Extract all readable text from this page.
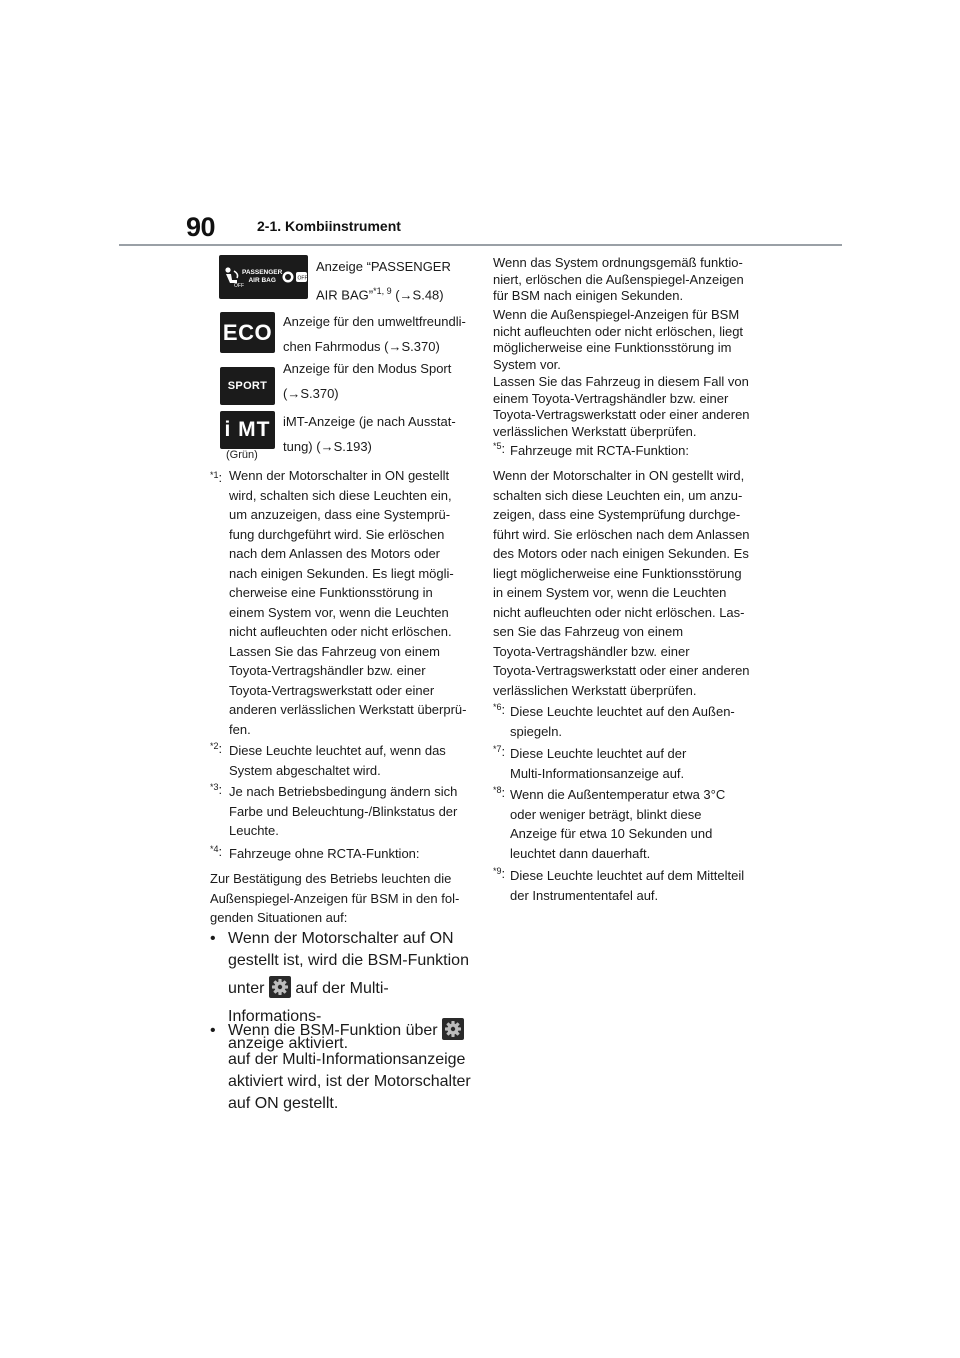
90	2-1. Kombiinstrument
OFF
PASSENGER AIR BAG	OFF
Anzeige “PASSENGER
AIR BAG”$^{*1, 9}$ (→S.48)
ECO Anzeige für den umweltfreundli-
chen Fahrmodus (→S.370)
SPORT
Anzeige für den Modus Sport
(→S.370)
i MT
(Grün)
iMT-Anzeige (je nach Ausstat-
tung) (→S.193)
$^{*1}$: Wenn der Motorschalter in ON gestellt
wird, schalten sich diese Leuchten ein,
um anzuzeigen, dass eine Systemprü-
fung durchgeführt wird. Sie erlöschen
nach dem Anlassen des Motors oder
nach einigen Sekunden. Es liegt mögli-
cherweise eine Funktionsstörung in
einem System vor, wenn die Leuchten
nicht aufleuchten oder nicht erlöschen.
Lassen Sie das Fahrzeug von einem
Toyota-Vertragshändler bzw. einer
Toyota-Vertragswerkstatt oder einer
anderen verlässlichen Werkstatt überprü-
fen.
$^{*2}$: Diese Leuchte leuchtet auf, wenn das
System abgeschaltet wird.
$^{*3}$: Je nach Betriebsbedingung ändern sich
Farbe und Beleuchtung-/Blinkstatus der
Leuchte.
$^{*4}$: Fahrzeuge ohne RCTA-Funktion:
Zur Bestätigung des Betriebs leuchten die
Außenspiegel-Anzeigen für BSM in den fol-
genden Situationen auf:
• Wenn der Motorschalter auf ON
gestellt ist, wird die BSM-Funktion
unter auf der Multi-Informations-
anzeige aktiviert.
• Wenn die BSM-Funktion über
auf der Multi-Informationsanzeige
aktiviert wird, ist der Motorschalter
auf ON gestellt.
Wenn das System ordnungsgemäß funktio-
niert, erlöschen die Außenspiegel-Anzeigen
für BSM nach einigen Sekunden.
Wenn die Außenspiegel-Anzeigen für BSM
nicht aufleuchten oder nicht erlöschen, liegt
möglicherweise eine Funktionsstörung im
System vor.
Lassen Sie das Fahrzeug in diesem Fall von
einem Toyota-Vertragshändler bzw. einer
Toyota-Vertragswerkstatt oder einer anderen
verlässlichen Werkstatt überprüfen.
$^{*5}$: Fahrzeuge mit RCTA-Funktion:
Wenn der Motorschalter in ON gestellt wird,
schalten sich diese Leuchten ein, um anzu-
zeigen, dass eine Systemprüfung durchge-
führt wird. Sie erlöschen nach dem Anlassen
des Motors oder nach einigen Sekunden. Es
liegt möglicherweise eine Funktionsstörung
in einem System vor, wenn die Leuchten
nicht aufleuchten oder nicht erlöschen. Las-
sen Sie das Fahrzeug von einem
Toyota-Vertragshändler bzw. einer
Toyota-Vertragswerkstatt oder einer anderen
verlässlichen Werkstatt überprüfen.
$^{*6}$: Diese Leuchte leuchtet auf den Außen-
spiegeln.
$^{*7}$: Diese Leuchte leuchtet auf der
Multi-Informationsanzeige auf.
$^{*8}$: Wenn die Außentemperatur etwa 3°C
oder weniger beträgt, blinkt diese
Anzeige für etwa 10 Sekunden und
leuchtet dann dauerhaft.
$^{*9}$: Diese Leuchte leuchtet auf dem Mittelteil
der Instrumententafel auf.
